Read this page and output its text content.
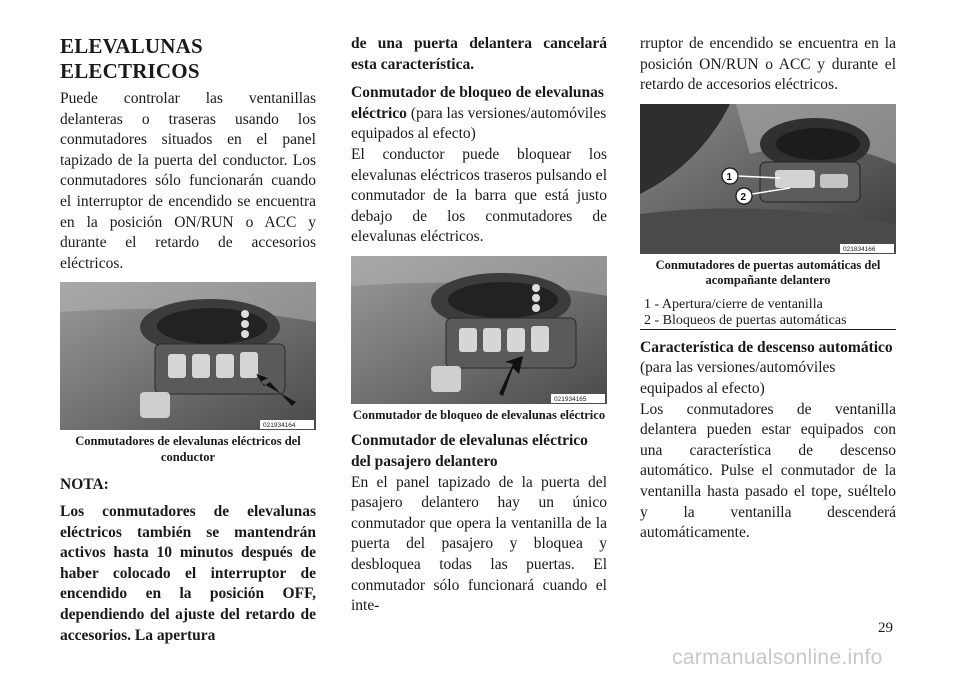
ELEVALUNAS
ELECTRICOS

Puede controlar las ventanillas delanteras o traseras usando los conmutadores situados en el panel tapizado de la puerta del conductor. Los conmutadores sólo funcionarán cuando el interruptor de encendido se encuentra en la posición ON/RUN o ACC y durante el retardo de accesorios eléctricos.

021934164
Conmutadores de elevalunas eléctricos del conductor
NOTA:

Los conmutadores de elevalunas eléctricos también se mantendrán activos hasta 10 minutos después de haber colocado el interruptor de encendido en la posición OFF, dependiendo del ajuste del retardo de accesorios. La apertura

de una puerta delantera cancelará esta característica.

Conmutador de bloqueo de elevalunas eléctrico (para las versiones/automóviles equipados al efecto)

El conductor puede bloquear los elevalunas eléctricos traseros pulsando el conmutador de la barra que está justo debajo de los conmutadores de elevalunas eléctricos.

021934165
Conmutador de bloqueo de elevalunas eléctrico

Conmutador de elevalunas eléctrico del pasajero delantero

En el panel tapizado de la puerta del pasajero delantero hay un único conmutador que opera la ventanilla de la puerta del pasajero y bloquea y desbloquea todas las puertas. El conmutador sólo funcionará cuando el inte-

rruptor de encendido se encuentra en la posición ON/RUN o ACC y durante el retardo de accesorios eléctricos.

1
2
021834166
Conmutadores de puertas automáticas del acompañante delantero
1 - Apertura/cierre de ventanilla
2 - Bloqueos de puertas automáticas

Característica de descenso automático (para las versiones/automóviles equipados al efecto)

Los conmutadores de ventanilla delantera pueden estar equipados con una característica de descenso automático. Pulse el conmutador de la ventanilla hasta pasado el tope, suéltelo y la ventanilla descenderá automáticamente.

29
carmanualsonline.info
